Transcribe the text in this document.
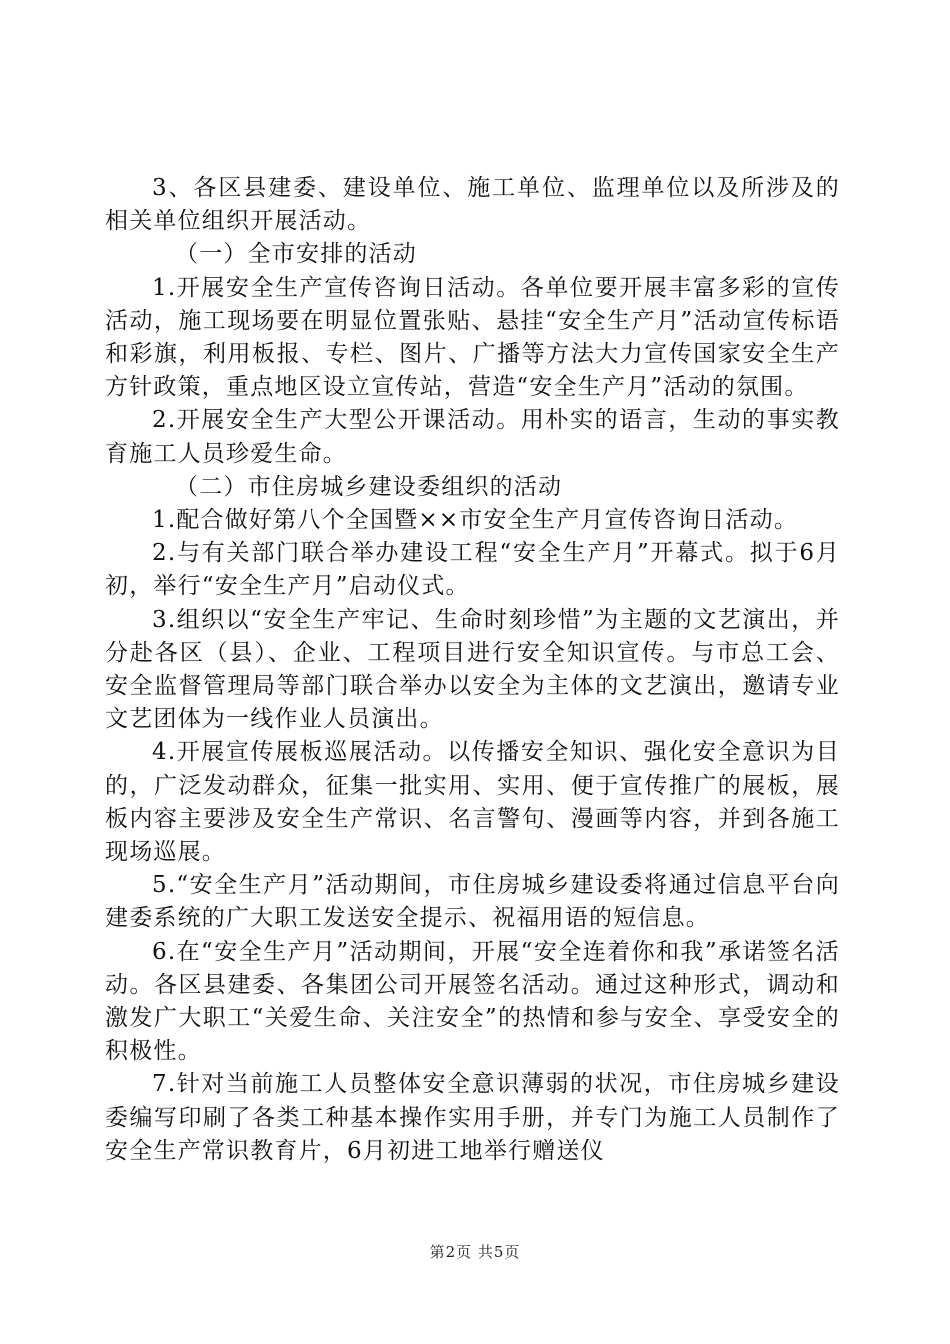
3、各区县建委、建设单位、施工单位、监理单位以及所涉及的相关单位组织开展活动。

（一）全市安排的活动

1.开展安全生产宣传咨询日活动。各单位要开展丰富多彩的宣传活动，施工现场要在明显位置张贴、悬挂“安全生产月”活动宣传标语和彩旗，利用板报、专栏、图片、广播等方法大力宣传国家安全生产方针政策，重点地区设立宣传站，营造“安全生产月”活动的氛围。

2.开展安全生产大型公开课活动。用朴实的语言，生动的事实教育施工人员珍爱生命。

（二）市住房城乡建设委组织的活动

1.配合做好第八个全国暨××市安全生产月宣传咨询日活动。

2.与有关部门联合举办建设工程“安全生产月”开幕式。拟于6月初，举行“安全生产月”启动仪式。

3.组织以“安全生产牢记、生命时刻珍惜”为主题的文艺演出，并分赴各区（县）、企业、工程项目进行安全知识宣传。与市总工会、安全监督管理局等部门联合举办以安全为主体的文艺演出，邀请专业文艺团体为一线作业人员演出。

4.开展宣传展板巡展活动。以传播安全知识、强化安全意识为目的，广泛发动群众，征集一批实用、实用、便于宣传推广的展板，展板内容主要涉及安全生产常识、名言警句、漫画等内容，并到各施工现场巡展。

5.“安全生产月”活动期间，市住房城乡建设委将通过信息平台向建委系统的广大职工发送安全提示、祝福用语的短信息。

6.在“安全生产月”活动期间，开展“安全连着你和我”承诺签名活动。各区县建委、各集团公司开展签名活动。通过这种形式，调动和激发广大职工“关爱生命、关注安全”的热情和参与安全、享受安全的积极性。

7.针对当前施工人员整体安全意识薄弱的状况，市住房城乡建设委编写印刷了各类工种基本操作实用手册，并专门为施工人员制作了安全生产常识教育片，6月初进工地举行赠送仪

第2页 共5页
